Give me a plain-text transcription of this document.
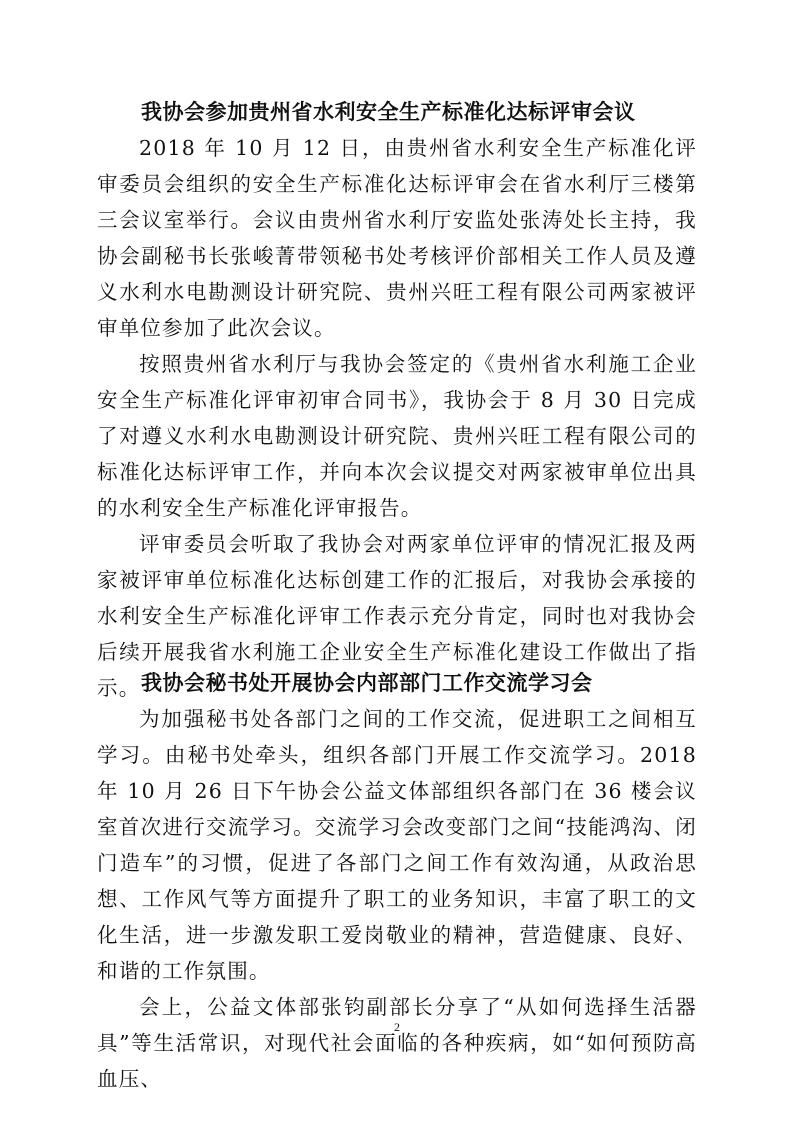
我协会参加贵州省水利安全生产标准化达标评审会议

2018 年 10 月 12 日，由贵州省水利安全生产标准化评审委员会组织的安全生产标准化达标评审会在省水利厅三楼第三会议室举行。会议由贵州省水利厅安监处张涛处长主持，我协会副秘书长张峻菁带领秘书处考核评价部相关工作人员及遵义水利水电勘测设计研究院、贵州兴旺工程有限公司两家被评审单位参加了此次会议。

按照贵州省水利厅与我协会签定的《贵州省水利施工企业安全生产标准化评审初审合同书》，我协会于 8 月 30 日完成了对遵义水利水电勘测设计研究院、贵州兴旺工程有限公司的标准化达标评审工作，并向本次会议提交对两家被审单位出具的水利安全生产标准化评审报告。

评审委员会听取了我协会对两家单位评审的情况汇报及两家被评审单位标准化达标创建工作的汇报后，对我协会承接的水利安全生产标准化评审工作表示充分肯定，同时也对我协会后续开展我省水利施工企业安全生产标准化建设工作做出了指示。 我协会秘书处开展协会内部部门工作交流学习会

为加强秘书处各部门之间的工作交流，促进职工之间相互学习。由秘书处牵头，组织各部门开展工作交流学习。2018 年 10 月 26 日下午协会公益文体部组织各部门在 36 楼会议室首次进行交流学习。交流学习会改变部门之间“技能鸿沟、闭门造车”的习惯，促进了各部门之间工作有效沟通，从政治思想、工作风气等方面提升了职工的业务知识，丰富了职工的文化生活，进一步激发职工爱岗敬业的精神，营造健康、良好、和谐的工作氛围。

会上，公益文体部张钧副部长分享了“从如何选择生活器具”等生活常识，对现代社会面临的各种疾病，如“如何预防高血压、

2
